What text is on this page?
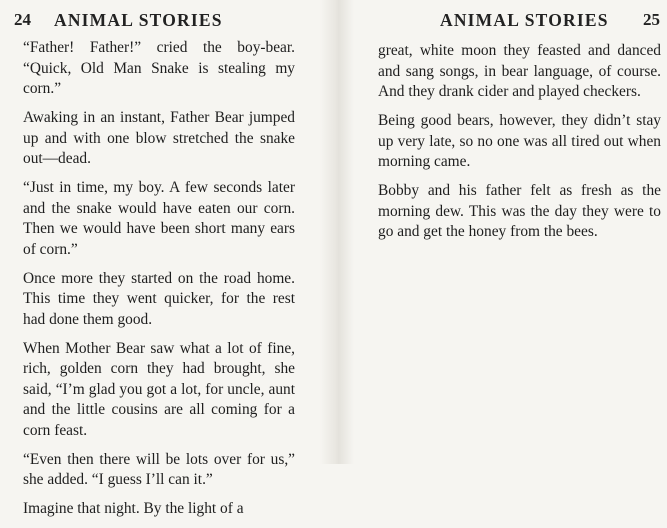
24 ANIMAL STORIES

“Father! Father!” cried the boy-bear. “Quick, Old Man Snake is stealing my corn.”

Awaking in an instant, Father Bear jumped up and with one blow stretched the snake out—dead.

“Just in time, my boy. A few seconds later and the snake would have eaten our corn. Then we would have been short many ears of corn.”

Once more they started on the road home. This time they went quicker, for the rest had done them good.

When Mother Bear saw what a lot of fine, rich, golden corn they had brought, she said, “I’m glad you got a lot, for uncle, aunt and the little cousins are all coming for a corn feast.

“Even then there will be lots over for us,” she added. “I guess I’ll can it.”

Imagine that night. By the light of a

ANIMAL STORIES 25

great, white moon they feasted and danced and sang songs, in bear language, of course. And they drank cider and played checkers.

Being good bears, however, they didn’t stay up very late, so no one was all tired out when morning came.

Bobby and his father felt as fresh as the morning dew. This was the day they were to go and get the honey from the bees.
